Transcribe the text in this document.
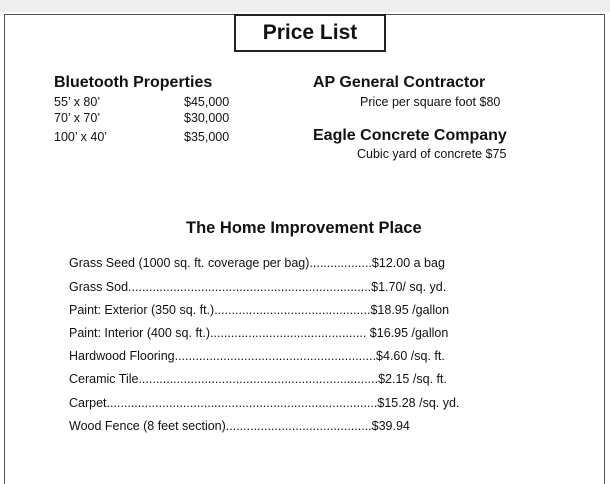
Price List
Bluetooth Properties
55’ x 80’	$45,000
70’ x 70’	$30,000
100’ x 40’	$35,000
AP General Contractor
Price per square foot $80
Eagle Concrete Company
Cubic yard of concrete $75
The Home Improvement Place
Grass Seed (1000 sq. ft. coverage per bag)..................$12.00 a bag
Grass Sod......................................................................$1.70/ sq. yd.
Paint: Exterior (350 sq. ft.).............................................$18.95 /gallon
Paint: Interior (400 sq. ft.)............................................. $16.95 /gallon
Hardwood Flooring..........................................................$4.60 /sq. ft.
Ceramic Tile.....................................................................$2.15 /sq. ft.
Carpet..............................................................................$15.28 /sq. yd.
Wood Fence (8 feet section)..........................................$39.94
